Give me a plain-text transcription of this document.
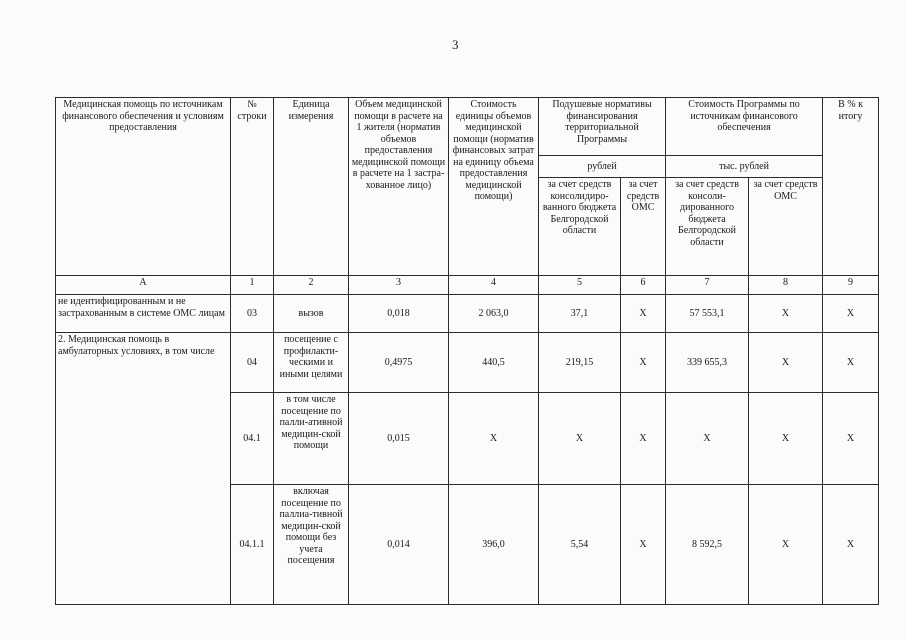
3
Медицинская помощь по источникам финансового обеспечения и условиям предоставления	№ строки	Единица измерения	Объем медицинской помощи в расчете на 1 жителя (норматив объемов предоставления медицинской помощи в расчете на 1 застра-хованное лицо)	Стоимость единицы объемов медицинской помощи (норматив финансовых затрат на единицу объема предоставления медицинской помощи)	Подушевые нормативы финансирования территориальной Программы		Стоимость Программы по источникам финансового обеспечения		В % к итогу
					рублей		тыс. рублей		
					за счет средств консолидиро-ванного бюджета Белгородской области	за счет средств ОМС	за счет средств консоли-дированного бюджета Белгородской области	за счет средств ОМС	
А	1	2	3	4	5	6	7	8	9
не идентифицированным и не застрахованным в системе ОМС лицам	03	вызов	0,018	2 063,0	37,1	X	57 553,1	X	X
2. Медицинская помощь в амбулаторных условиях, в том числе	04	посещение с профилакти-ческими и иными целями	0,4975	440,5	219,15	X	339 655,3	X	X
	04.1	в том числе посещение по палли-ативной медицин-ской помощи	0,015	X	X	X	X	X	X
	04.1.1	включая посещение по паллиа-тивной медицин-ской помощи без учета посещения	0,014	396,0	5,54	X	8 592,5	X	X
